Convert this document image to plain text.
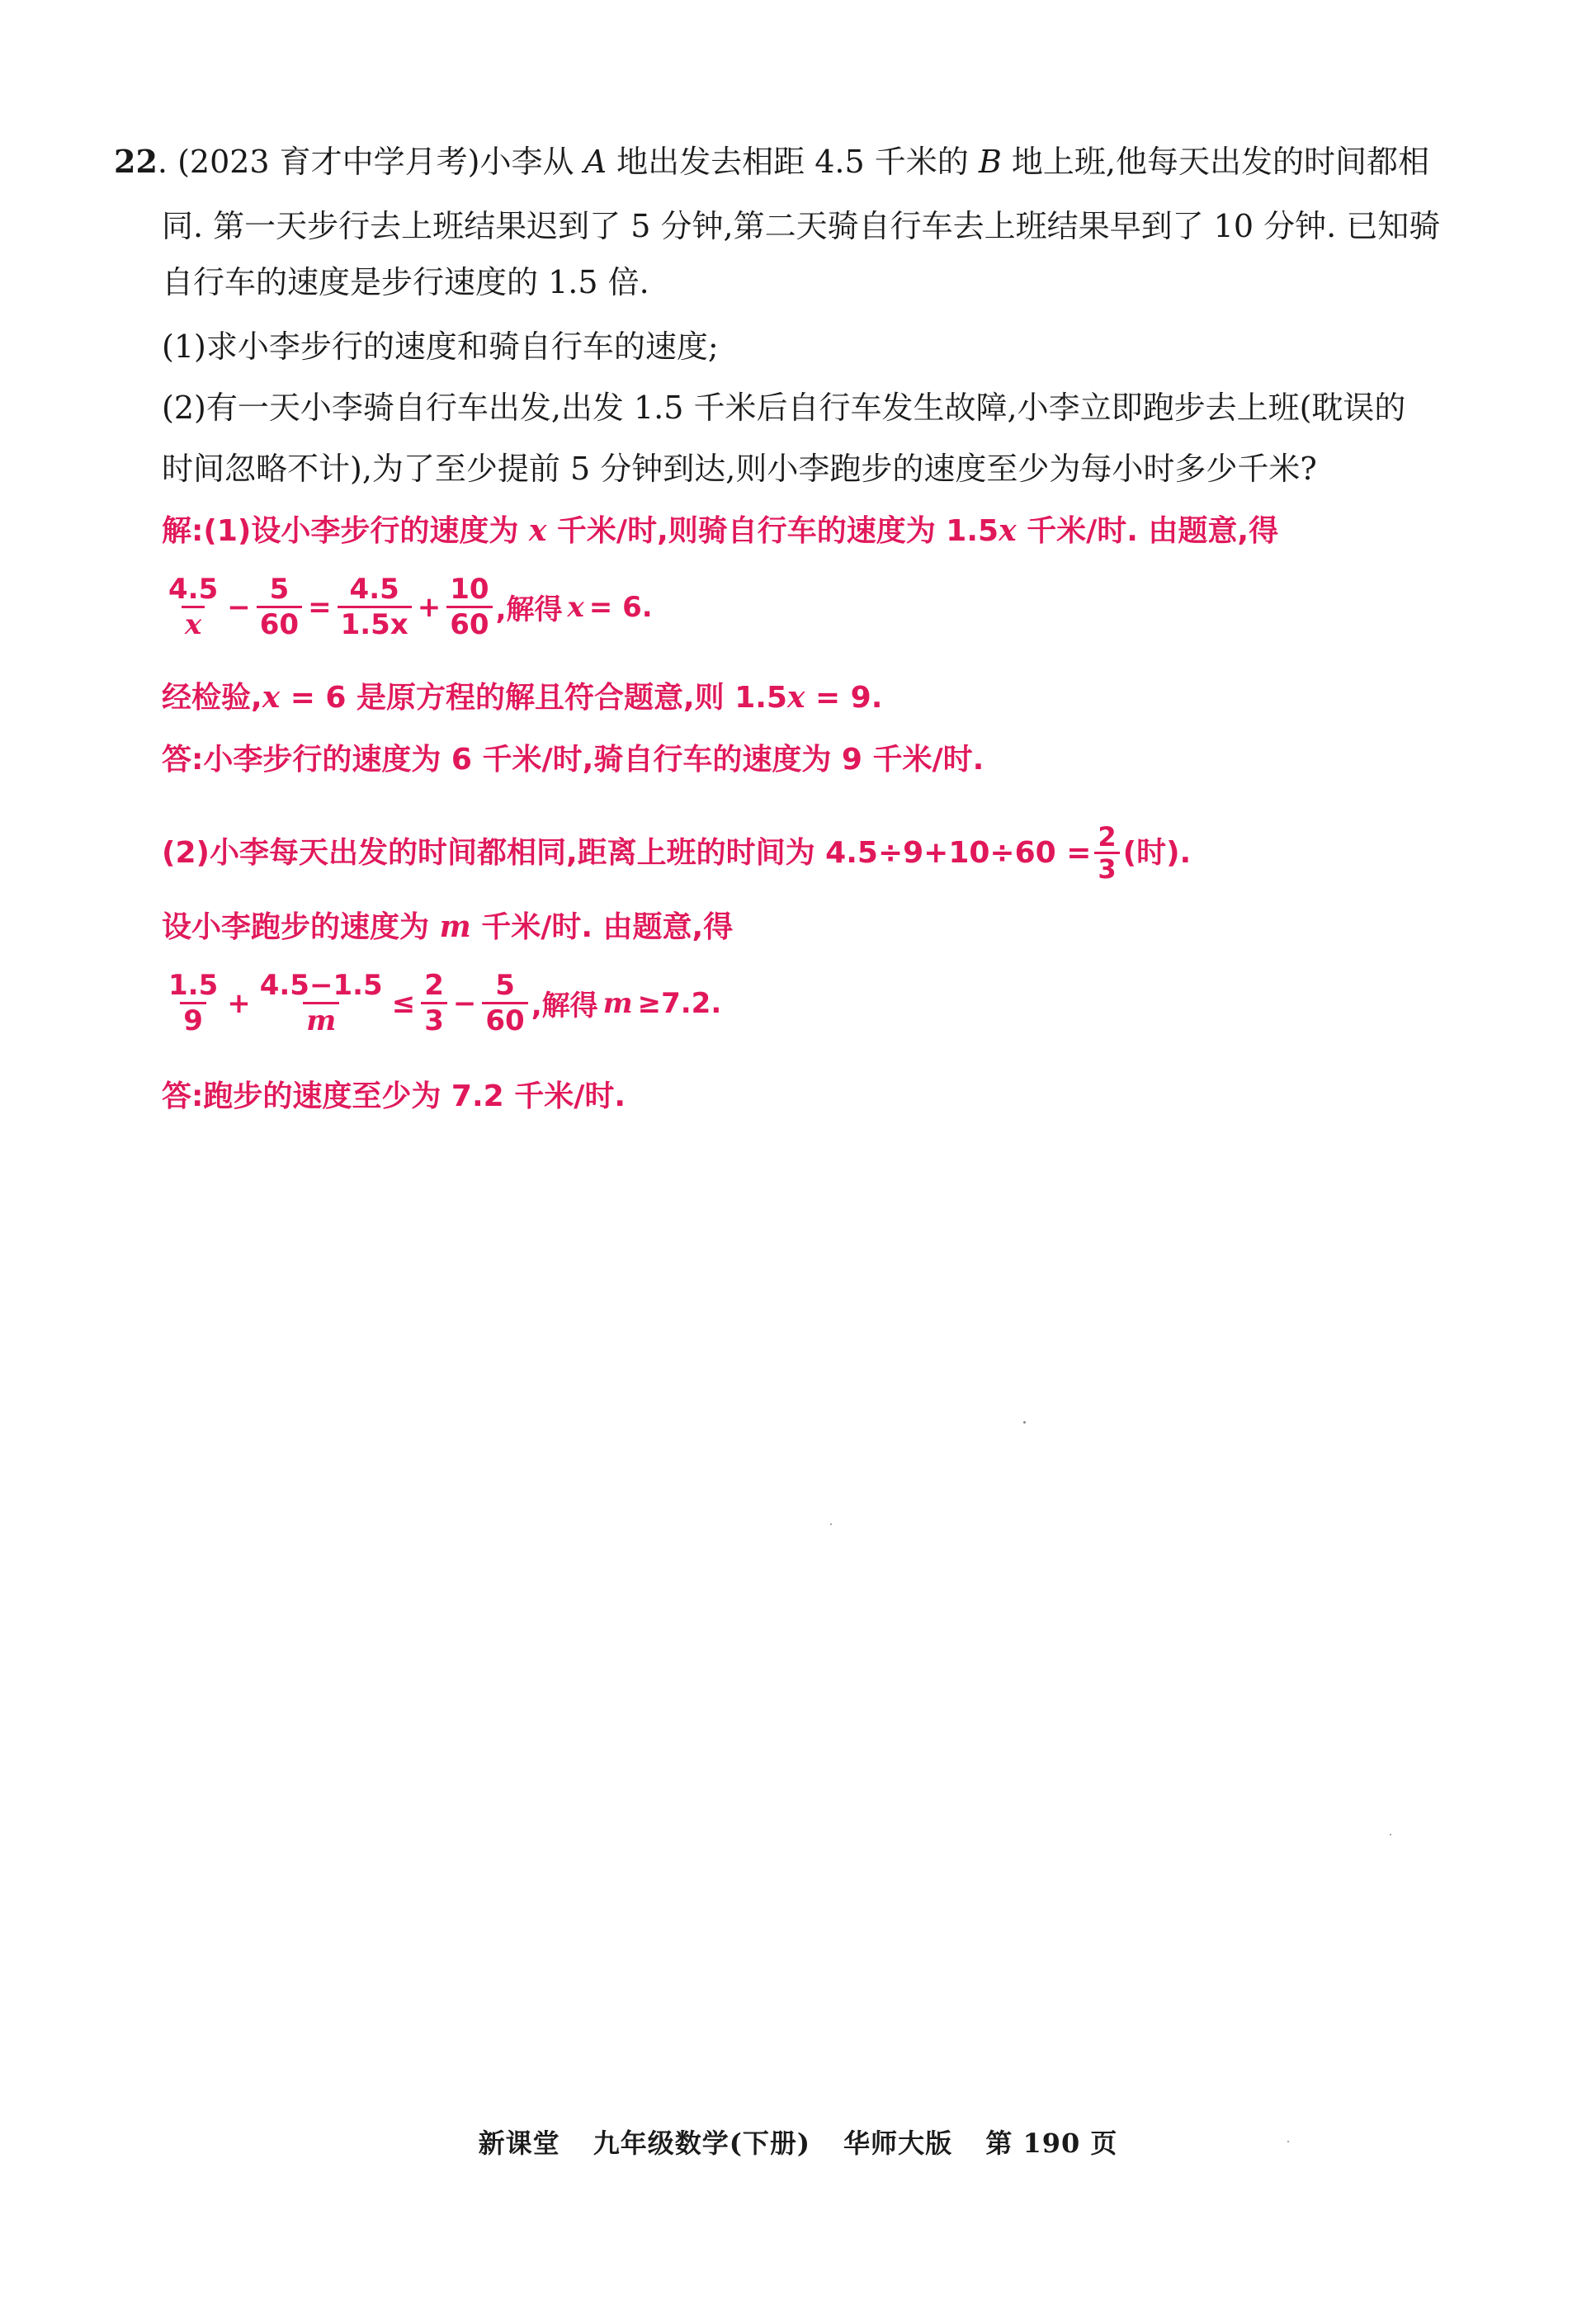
22. (2023 育才中学月考)小李从 A 地出发去相距 4.5 千米的 B 地上班,他每天出发的时间都相
同. 第一天步行去上班结果迟到了 5 分钟,第二天骑自行车去上班结果早到了 10 分钟. 已知骑
自行车的速度是步行速度的 1.5 倍.
(1)求小李步行的速度和骑自行车的速度;
(2)有一天小李骑自行车出发,出发 1.5 千米后自行车发生故障,小李立即跑步去上班(耽误的
时间忽略不计),为了至少提前 5 分钟到达,则小李跑步的速度至少为每小时多少千米?
解:(1)设小李步行的速度为 x 千米/时,则骑自行车的速度为 1.5x 千米/时. 由题意,得
$\frac{4.5}{x} - \frac{5}{60} = \frac{4.5}{1.5x} + \frac{10}{60}$ ,解得 x = 6.
经检验,x = 6 是原方程的解且符合题意,则 1.5x = 9.
答:小李步行的速度为 6 千米/时,骑自行车的速度为 9 千米/时.
(2)小李每天出发的时间都相同,距离上班的时间为 $4.5\div 9+10\div 60 = \frac{2}{3}$ (时).
设小李跑步的速度为 m 千米/时. 由题意,得
$\frac{1.5}{9} + \frac{4.5-1.5}{m} \le \frac{2}{3} - \frac{5}{60}$ ,解得 m ≥7.2.
答:跑步的速度至少为 7.2 千米/时.
新课堂 九年级数学(下册) 华师大版 第 190 页
